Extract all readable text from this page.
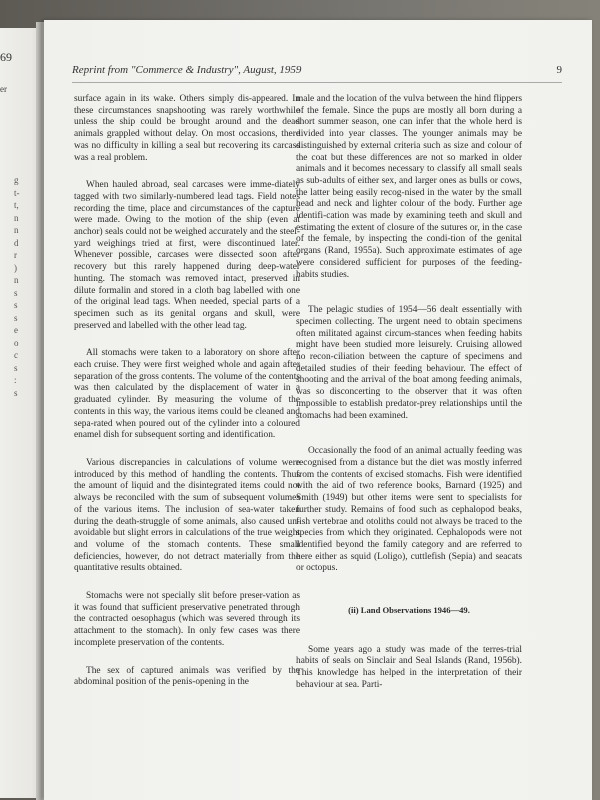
69
er
g
t-
t,
n
n
d
r
)
n
s
s
s
e
o
c
s
:
s
Reprint from "Commerce & Industry", August, 1959	9

surface again in its wake. Others simply dis-appeared. In these circumstances snapshooting was rarely worthwhile unless the ship could be brought around and the dead animals grappled without delay. On most occasions, there was no difficulty in killing a seal but recovering its carcass was a real problem.

When hauled abroad, seal carcases were imme-diately tagged with two similarly-numbered lead tags. Field notes recording the time, place and circumstances of the capture were made. Owing to the motion of the ship (even at anchor) seals could not be weighed accurately and the steel-yard weighings tried at first, were discontinued later. Whenever possible, carcases were dissected soon after recovery but this rarely happened during deep-water hunting. The stomach was removed intact, preserved in dilute formalin and stored in a cloth bag labelled with one of the original lead tags. When needed, special parts of a specimen such as its genital organs and skull, were preserved and labelled with the other lead tag.

All stomachs were taken to a laboratory on shore after each cruise. They were first weighed whole and again after separation of the gross contents. The volume of the contents was then calculated by the displacement of water in a graduated cylinder. By measuring the volume of the contents in this way, the various items could be cleaned and sepa-rated when poured out of the cylinder into a coloured enamel dish for subsequent sorting and identification.

Various discrepancies in calculations of volume were introduced by this method of handling the contents. Thus the amount of liquid and the disintegrated items could not always be reconciled with the sum of subsequent volumes of the various items. The inclusion of sea-water taken during the death-struggle of some animals, also caused un-avoidable but slight errors in calculations of the true weight and volume of the stomach contents. These small deficiencies, however, do not detract materially from the quantitative results obtained.

Stomachs were not specially slit before preser-vation as it was found that sufficient preservative penetrated through the contracted oesophagus (which was severed through its attachment to the stomach). In only few cases was there incomplete preservation of the contents.

The sex of captured animals was verified by the abdominal position of the penis-opening in the

male and the location of the vulva between the hind flippers of the female. Since the pups are mostly all born during a short summer season, one can infer that the whole herd is divided into year classes. The younger animals may be distinguished by external criteria such as size and colour of the coat but these differences are not so marked in older animals and it becomes necessary to classify all small seals as sub-adults of either sex, and larger ones as bulls or cows, the latter being easily recog-nised in the water by the small head and neck and lighter colour of the body. Further age identifi-cation was made by examining teeth and skull and estimating the extent of closure of the sutures or, in the case of the female, by inspecting the condi-tion of the genital organs (Rand, 1955a). Such approximate estimates of age were considered sufficient for purposes of the feeding-habits studies.

The pelagic studies of 1954—56 dealt essentially with specimen collecting. The urgent need to obtain specimens often militated against circum-stances when feeding habits might have been studied more leisurely. Cruising allowed no recon-ciliation between the capture of specimens and detailed studies of their feeding behaviour. The effect of shooting and the arrival of the boat among feeding animals, was so disconcerting to the observer that it was often impossible to establish predator-prey relationships until the stomachs had been examined.

Occasionally the food of an animal actually feeding was recognised from a distance but the diet was mostly inferred from the contents of excised stomachs. Fish were identified with the aid of two reference books, Barnard (1925) and Smith (1949) but other items were sent to specialists for further study. Remains of food such as cephalopod beaks, fish vertebrae and otoliths could not always be traced to the species from which they originated. Cephalopods were not identified beyond the family category and are referred to here either as squid (Loligo), cuttlefish (Sepia) and seacats or octopus.

(ii) Land Observations 1946—49.

Some years ago a study was made of the terres-trial habits of seals on Sinclair and Seal Islands (Rand, 1956b). This knowledge has helped in the interpretation of their behaviour at sea. Parti-
